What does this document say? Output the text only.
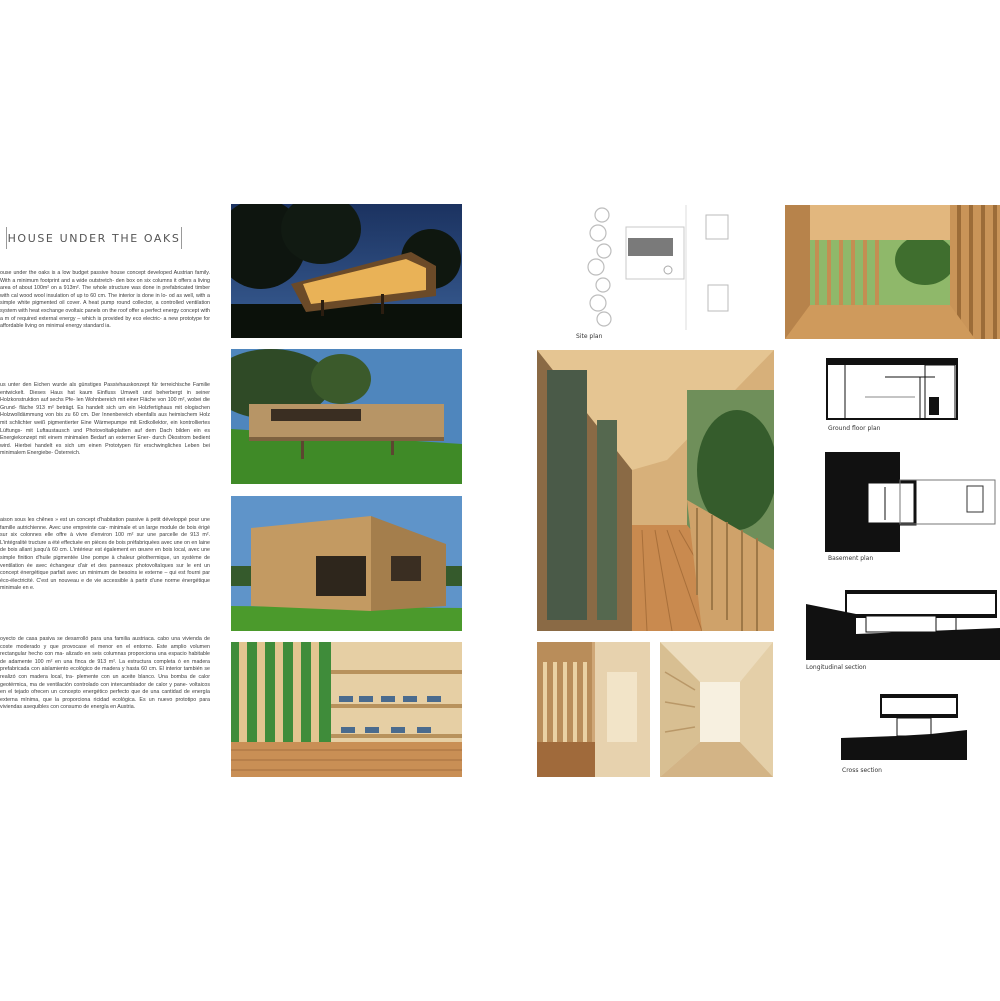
HOUSE UNDER THE OAKS
ouse under the oaks is a low budget passive house concept developed Austrian family. With a minimum footprint and a wide outstretch- den box on six columns it offers a living area of about 100m² on a 913m². The whole structure was done in prefabricated timber with cal wood wool insulation of up to 60 cm. The interior is done in lo- od as well, with a simple white pigmented oil cover. A heat pump round collector, a controlled ventilation system with heat exchange ovoltaic panels on the roof offer a perfect energy concept with a m of required external energy – which is provided by eco electric- a new prototype for affordable living on minimal energy standard ia.
us unter den Eichen wurde als günstiges Passivhauskonzept für terreichische Familie entwickelt. Dieses Haus hat kaum Einfluss Umwelt und beherbergt in seiner Holzkonstruktion auf sechs Pfe- len Wohnbereich mit einer Fläche von 100 m², wobei die Grund- fläche 913 m² beträgt. Es handelt sich um ein Holzfertighaus mit ologischen Holzwolldämmung von bis zu 60 cm. Der Innenbereich ebenfalls aus heimischem Holz mit schlichter weiß pigmentierter Eine Wärmepumpe mit Erdkollektor, ein kontrolliertes Lüftungs- mit Luftaustausch und Photovoltaikplatten auf dem Dach bilden ein es Energiekonzept mit einem minimalen Bedarf an externer Ener- durch Ökostrom bedient wird. Hierbei handelt es sich um einen Prototypen für erschwingliches Leben bei minimalem Energiebe- Österreich.
aison sous les chênes » est un concept d'habitation passive à petit développé pour une famille autrichienne. Avec une empreinte car- minimale et un large module de bois érigé sur six colonnes elle offre à vivre d'environ 100 m² sur une parcelle de 913 m². L'intégralité tructure a été effectuée en pièces de bois préfabriquées avec une on en laine de bois allant jusqu'à 60 cm. L'intérieur est également en œuvre en bois local, avec une simple finition d'huile pigmentée Une pompe à chaleur géothermique, un système de ventilation ée avec échangeur d'air et des panneaux photovoltaïques sur le ent un concept énergétique parfait avec un minimum de besoins ie externe – qui est fourni par éco-électricité. C'est un nouveau e de vie accessible à partir d'une norme énergétique minimale en e.
oyecto de casa pasiva se desarrolló para una familia austriaca. cabo una vivienda de coste moderado y que provocase el menor en el entorno. Este amplio volumen rectangular hecho con ma- alizado en seis columnas proporciona una espacio habitable de adamente 100 m² en una finca de 913 m². La estructura completa ó en madera prefabricada con aislamiento ecológico de madera y hasta 60 cm. El interior también se realizó con madera local, tra- plemente con un aceite blanco. Una bomba de calor geotérmica, ma de ventilación controlado con intercambiador de calor y pane- voltaicos en el tejado ofrecen un concepto energético perfecto que de una cantidad de energía externa mínima, que la proporciona ricidad ecológica. Es un nuevo prototipo para viviendas asequibles con consumo de energía en Austria.
Site plan
Ground floor plan
Basement plan
Longitudinal section
Cross section
